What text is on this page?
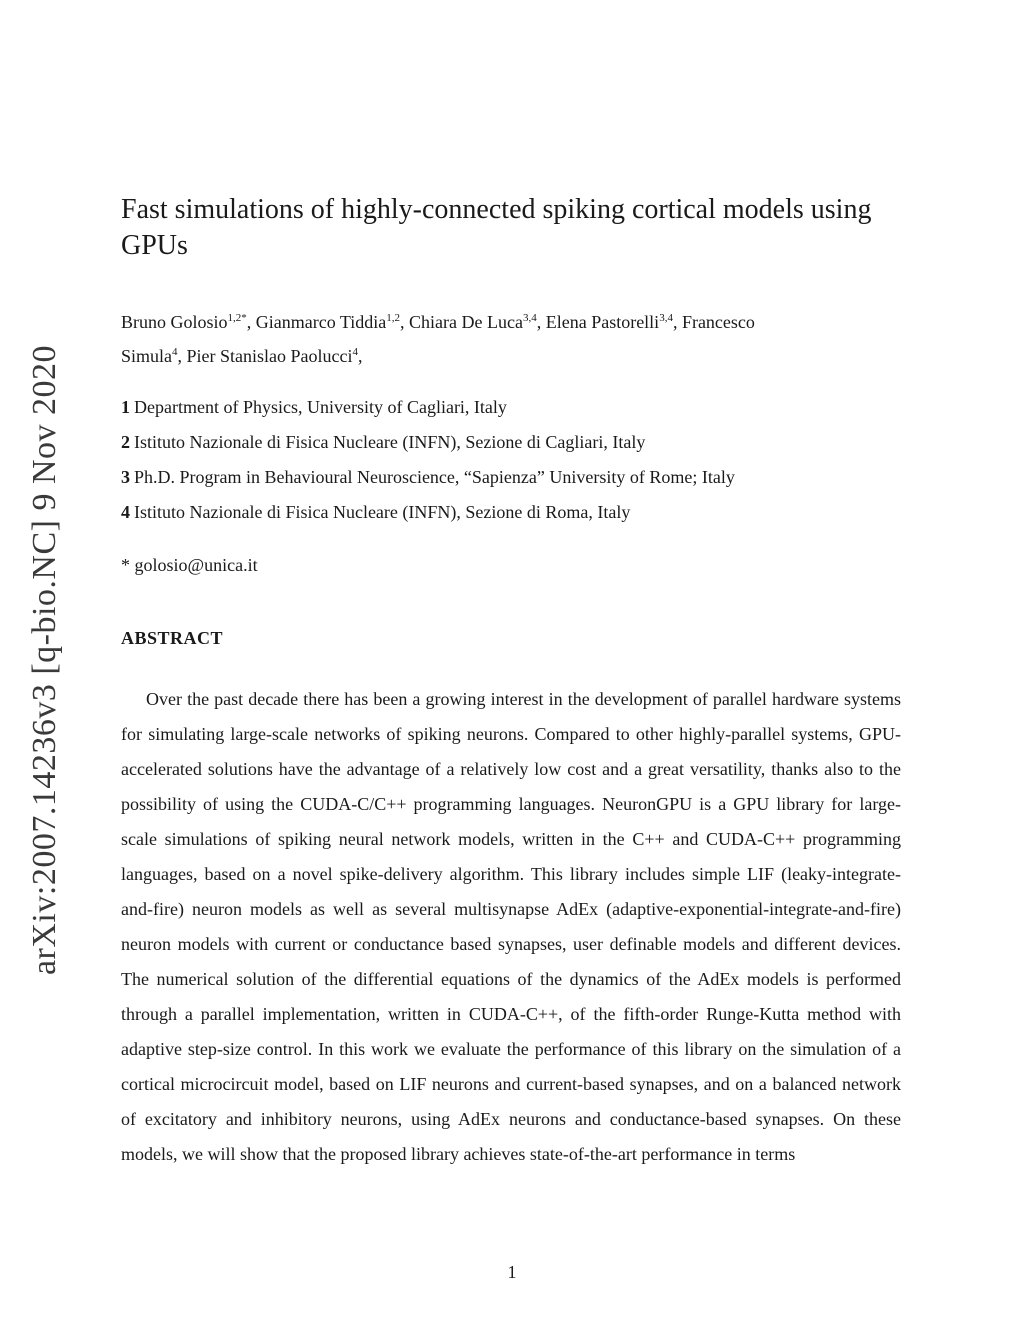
arXiv:2007.14236v3 [q-bio.NC] 9 Nov 2020
Fast simulations of highly-connected spiking cortical models using GPUs
Bruno Golosio$^{1,2*}$, Gianmarco Tiddia$^{1,2}$, Chiara De Luca$^{3,4}$, Elena Pastorelli$^{3,4}$, Francesco
Simula$^4$, Pier Stanislao Paolucci$^4$,
1 Department of Physics, University of Cagliari, Italy
2 Istituto Nazionale di Fisica Nucleare (INFN), Sezione di Cagliari, Italy
3 Ph.D. Program in Behavioural Neuroscience, “Sapienza” University of Rome; Italy
4 Istituto Nazionale di Fisica Nucleare (INFN), Sezione di Roma, Italy
* golosio@unica.it
ABSTRACT

Over the past decade there has been a growing interest in the development of parallel hardware systems for simulating large-scale networks of spiking neurons. Compared to other highly-parallel systems, GPU-accelerated solutions have the advantage of a relatively low cost and a great versatility, thanks also to the possibility of using the CUDA-C/C++ programming languages. NeuronGPU is a GPU library for large-scale simulations of spiking neural network models, written in the C++ and CUDA-C++ programming languages, based on a novel spike-delivery algorithm. This library includes simple LIF (leaky-integrate-and-fire) neuron models as well as several multisynapse AdEx (adaptive-exponential-integrate-and-fire) neuron models with current or conductance based synapses, user definable models and different devices. The numerical solution of the differential equations of the dynamics of the AdEx models is performed through a parallel implementation, written in CUDA-C++, of the fifth-order Runge-Kutta method with adaptive step-size control. In this work we evaluate the performance of this library on the simulation of a cortical microcircuit model, based on LIF neurons and current-based synapses, and on a balanced network of excitatory and inhibitory neurons, using AdEx neurons and conductance-based synapses. On these models, we will show that the proposed library achieves state-of-the-art performance in terms

1
